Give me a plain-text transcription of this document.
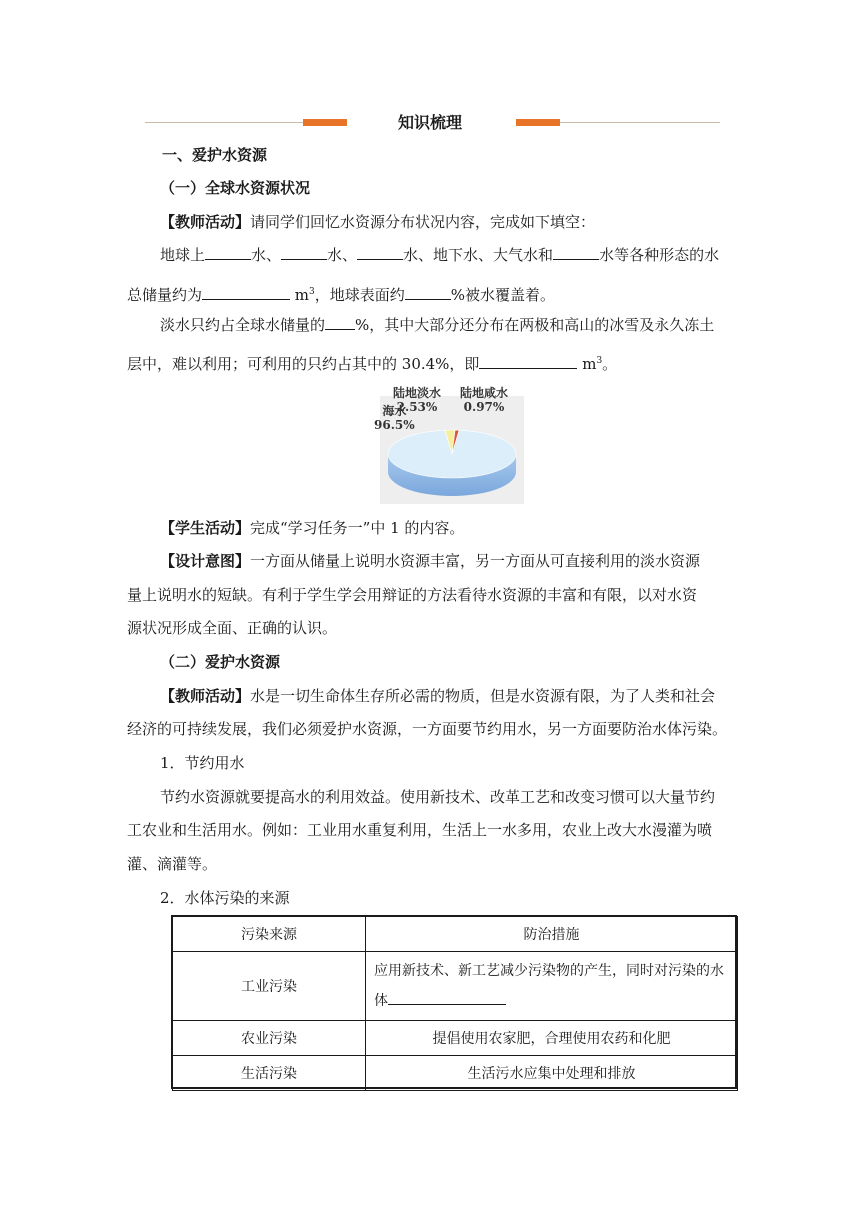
知识梳理
一、爱护水资源
（一）全球水资源状况
【教师活动】请同学们回忆水资源分布状况内容，完成如下填空：
地球上	水、	水、	水、地下水、大气水和	水等各种形态的水
总储量约为	$m^3$，地球表面约	%被水覆盖着。
淡水只约占全球水储量的 %，其中大部分还分布在两极和高山的冰雪及永久冻土
层中，难以利用；可利用的只约占其中的 30.4%，即	$m^3$。
海水
96.5%
陆地淡水
2.53%
陆地咸水
0.97%
【学生活动】完成“学习任务一”中 1 的内容。
【设计意图】一方面从储量上说明水资源丰富，另一方面从可直接利用的淡水资源
量上说明水的短缺。有利于学生学会用辩证的方法看待水资源的丰富和有限，以对水资
源状况形成全面、正确的认识。
（二）爱护水资源
【教师活动】水是一切生命体生存所必需的物质，但是水资源有限，为了人类和社会
经济的可持续发展，我们必须爱护水资源，一方面要节约用水，另一方面要防治水体污染。
1．节约用水
节约水资源就要提高水的利用效益。使用新技术、改革工艺和改变习惯可以大量节约
工农业和生活用水。例如：工业用水重复利用，生活上一水多用，农业上改大水漫灌为喷
灌、滴灌等。
2．水体污染的来源
污染来源	防治措施
工业污染	应用新技术、新工艺减少污染物的产生，同时对污染的水体
农业污染	提倡使用农家肥，合理使用农药和化肥
生活污染	生活污水应集中处理和排放
